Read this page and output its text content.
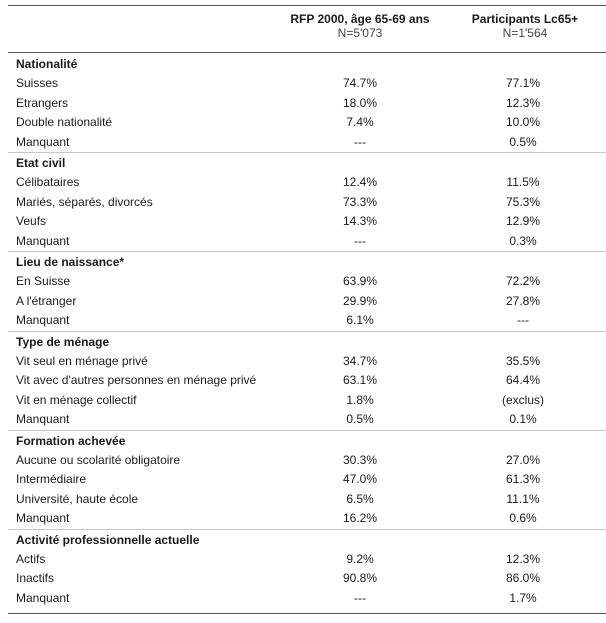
RFP 2000, âge 65-69 ans
N=5'073
Participants Lc65+
N=1'564
Nationalité
Suisses	74.7%	77.1%
Etrangers	18.0%	12.3%
Double nationalité	7.4%	10.0%
Manquant	---	0.5%
Etat civil
Célibataires	12.4%	11.5%
Mariés, séparés, divorcés	73.3%	75.3%
Veufs	14.3%	12.9%
Manquant	---	0.3%
Lieu de naissance*
En Suisse	63.9%	72.2%
A l'étranger	29.9%	27.8%
Manquant	6.1%	---
Type de ménage
Vit seul en ménage privé	34.7%	35.5%
Vit avec d'autres personnes en ménage privé	63.1%	64.4%
Vit en ménage collectif	1.8%	(exclus)
Manquant	0.5%	0.1%
Formation achevée
Aucune ou scolarité obligatoire	30.3%	27.0%
Intermédiaire	47.0%	61.3%
Université, haute école	6.5%	11.1%
Manquant	16.2%	0.6%
Activité professionnelle actuelle
Actifs	9.2%	12.3%
Inactifs	90.8%	86.0%
Manquant	---	1.7%
